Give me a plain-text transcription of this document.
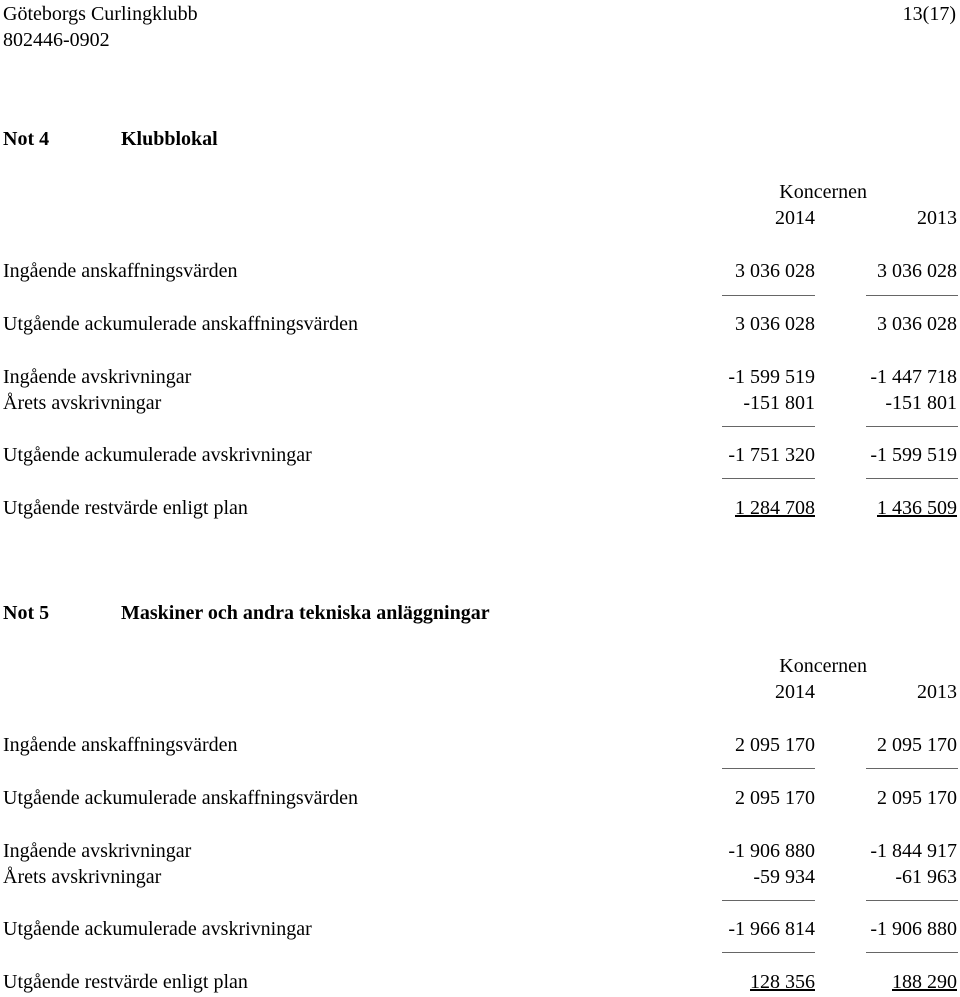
Göteborgs Curlingklubb
802446-0902
13(17)
Not 4	Klubblokal
Koncernen
2014	2013
Ingående anskaffningsvärden	3 036 028	3 036 028
Utgående ackumulerade anskaffningsvärden	3 036 028	3 036 028
Ingående avskrivningar	-1 599 519	-1 447 718
Årets avskrivningar	-151 801	-151 801
Utgående ackumulerade avskrivningar	-1 751 320	-1 599 519
Utgående restvärde enligt plan	1 284 708	1 436 509
Not 5	Maskiner och andra tekniska anläggningar
Koncernen
2014	2013
Ingående anskaffningsvärden	2 095 170	2 095 170
Utgående ackumulerade anskaffningsvärden	2 095 170	2 095 170
Ingående avskrivningar	-1 906 880	-1 844 917
Årets avskrivningar	-59 934	-61 963
Utgående ackumulerade avskrivningar	-1 966 814	-1 906 880
Utgående restvärde enligt plan	128 356	188 290
